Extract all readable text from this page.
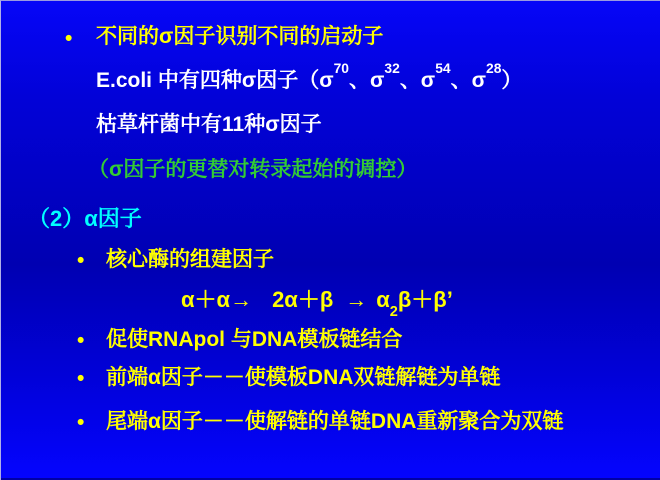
• 不同的σ因子识别不同的启动子
E.coli 中有四种σ因子（$\sigma^{70}$、$\sigma^{32}$、$\sigma^{54}$、$\sigma^{28}$）
枯草杆菌中有11种σ因子
（σ因子的更替对转录起始的调控）
（2）α因子
• 核心酶的组建因子
$\alpha+\alpha\to 2\alpha+\beta \to \alpha_2\beta+\beta$’
• 促使RNApol 与DNA模板链结合
• 前端α因子－－使模板DNA双链解链为单链
• 尾端α因子－－使解链的单链DNA重新聚合为双链
